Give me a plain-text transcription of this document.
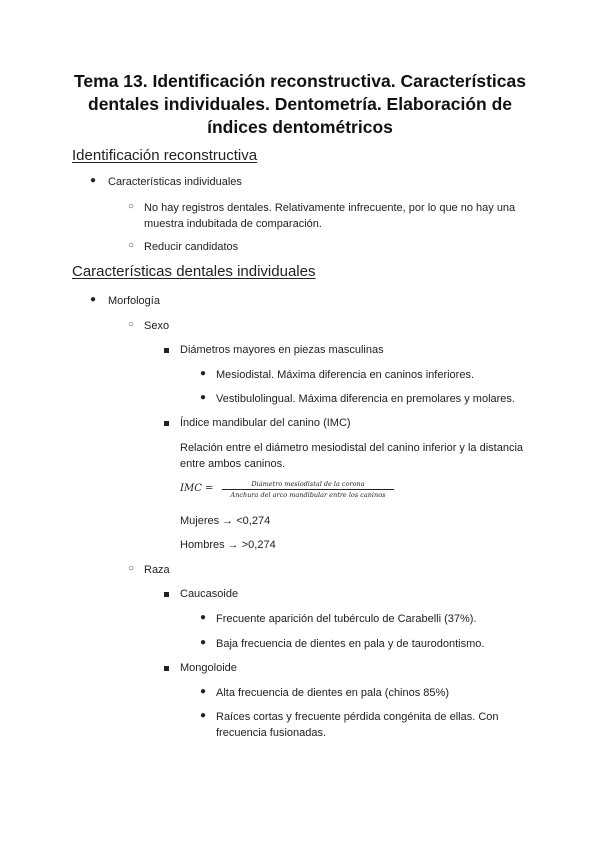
Tema 13. Identificación reconstructiva. Características dentales individuales. Dentometría. Elaboración de índices dentométricos
Identificación reconstructiva
● Características individuales
○ No hay registros dentales. Relativamente infrecuente, por lo que no hay una muestra indubitada de comparación.
○ Reducir candidatos
Características dentales individuales
● Morfología
○ Sexo
Diámetros mayores en piezas masculinas
● Mesiodistal. Máxima diferencia en caninos inferiores.
● Vestibulolingual. Máxima diferencia en premolares y molares.
Índice mandibular del canino (IMC)
Relación entre el diámetro mesiodistal del canino inferior y la distancia entre ambos caninos.
IMC =	Diámetro mesiodistal de la corona
Anchura del arco mandibular entre los caninos
Mujeres → <0,274
Hombres → >0,274
○ Raza
Caucasoide
● Frecuente aparición del tubérculo de Carabelli (37%).
● Baja frecuencia de dientes en pala y de taurodontismo.
Mongoloide
● Alta frecuencia de dientes en pala (chinos 85%)
● Raíces cortas y frecuente pérdida congénita de ellas. Con frecuencia fusionadas.
